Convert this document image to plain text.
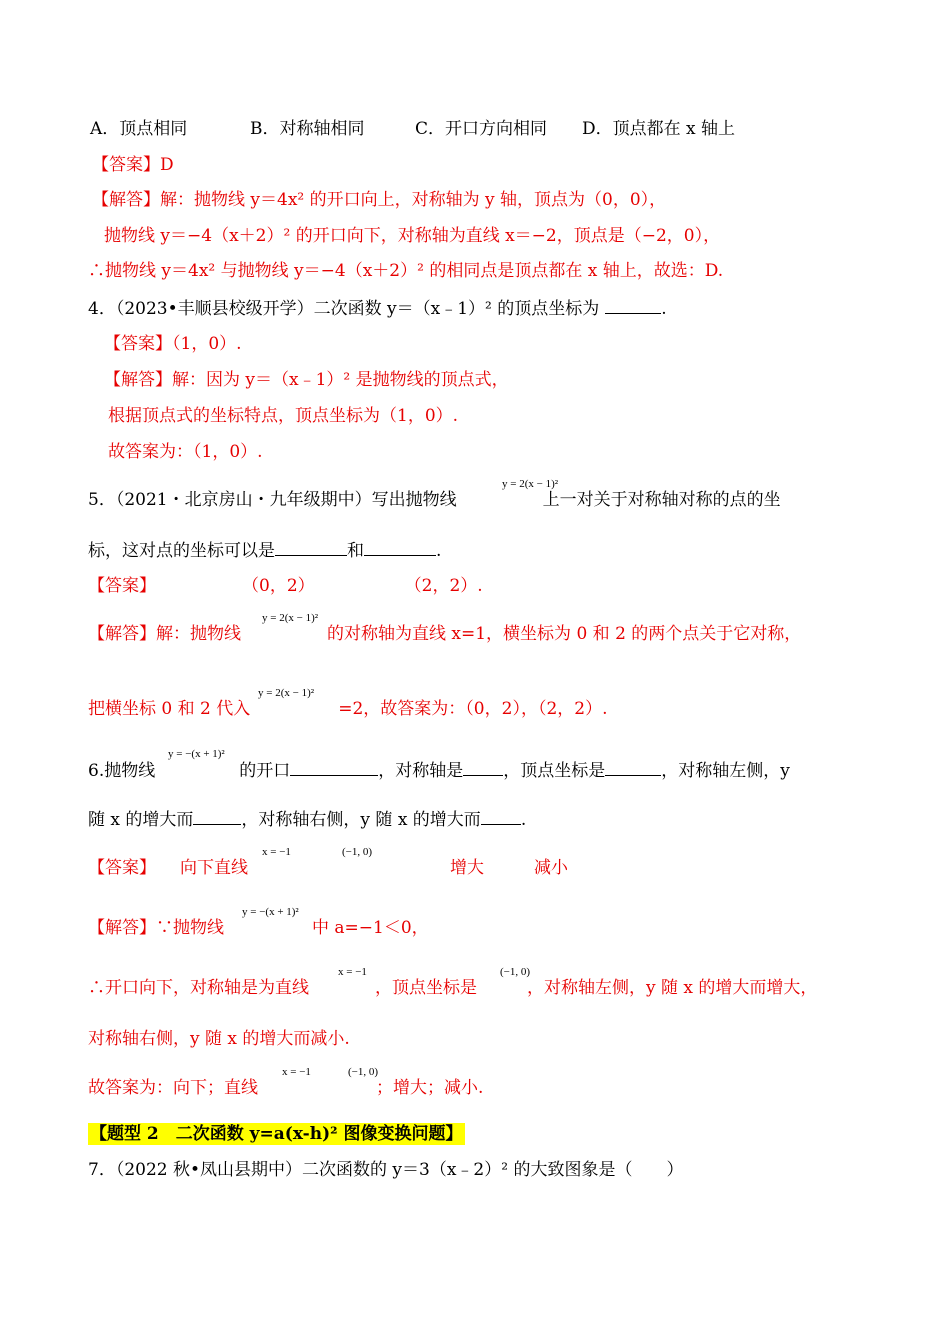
A．顶点相同	B．对称轴相同	C．开口方向相同 D．顶点都在 x 轴上
【答案】D
【解答】解：抛物线 y＝4x² 的开口向上，对称轴为 y 轴，顶点为（0，0），
抛物线 y＝−4（x＋2）² 的开口向下，对称轴为直线 x＝−2，顶点是（−2，0），
∴抛物线 y＝4x² 与抛物线 y＝−4（x＋2）² 的相同点是顶点都在 x 轴上，故选：D.
4．（2023•丰顺县校级开学）二次函数 y＝（x﹣1）² 的顶点坐标为	.
【答案】（1，0）.
【解答】解：因为 y＝（x﹣1）² 是抛物线的顶点式，
根据顶点式的坐标特点，顶点坐标为（1，0）.
故答案为：（1，0）.
5．（2021・北京房山・九年级期中）写出抛物线	上一对关于对称轴对称的点的坐
y = 2(x − 1)²
标，这对点的坐标可以是	和	.
【答案】	（0，2）	（2，2）.
【解答】解：抛物线	的对称轴为直线 x=1，横坐标为 0 和 2 的两个点关于它对称，
y = 2(x − 1)²
把横坐标 0 和 2 代入	=2，故答案为：（0，2），（2，2）.
y = 2(x − 1)²
6.抛物线	的开口	，对称轴是 ，顶点坐标是	，对称轴左侧，y
y = −(x + 1)²
随 x 的增大而	，对称轴右侧，y 随 x 的增大而 .
【答案】 向下直线	增大	减小
x = −1	(−1, 0)
【解答】∵抛物线	中 a=−1＜0，
y = −(x + 1)²
∴开口向下，对称轴是为直线	，顶点坐标是	，对称轴左侧，y 随 x 的增大而增大，
x = −1	(−1, 0)
对称轴右侧，y 随 x 的增大而减小.
故答案为：向下；直线	；增大；减小.
x = −1	(−1, 0)
【题型 2　二次函数 y=a(x-h)² 图像变换问题】
7．（2022 秋•凤山县期中）二次函数的 y＝3（x﹣2）² 的大致图象是（　　）
